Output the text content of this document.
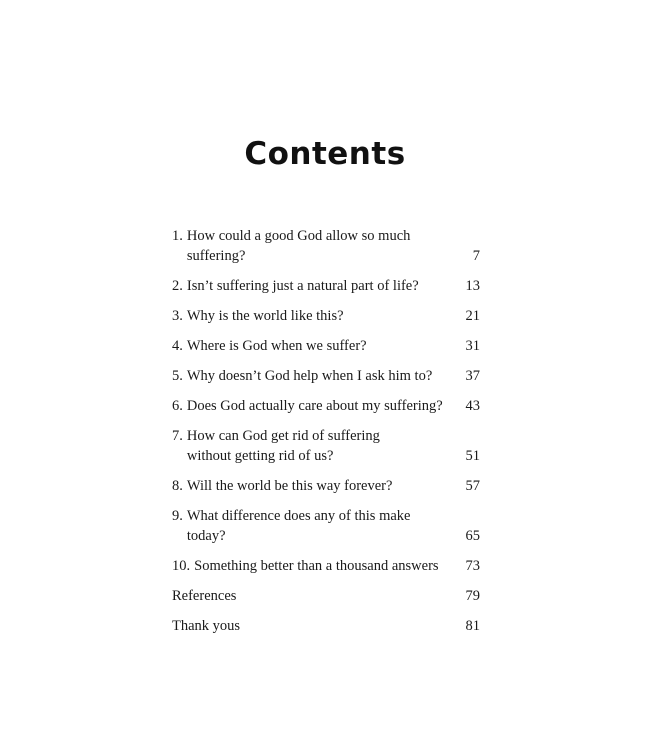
Contents
1. How could a good God allow so much suffering?	7
2. Isn’t suffering just a natural part of life?	13
3. Why is the world like this?	21
4. Where is God when we suffer?	31
5. Why doesn’t God help when I ask him to?	37
6. Does God actually care about my suffering?	43
7. How can God get rid of suffering without getting rid of us?	51
8. Will the world be this way forever?	57
9. What difference does any of this make today?	65
10. Something better than a thousand answers	73
References	79
Thank yous	81
